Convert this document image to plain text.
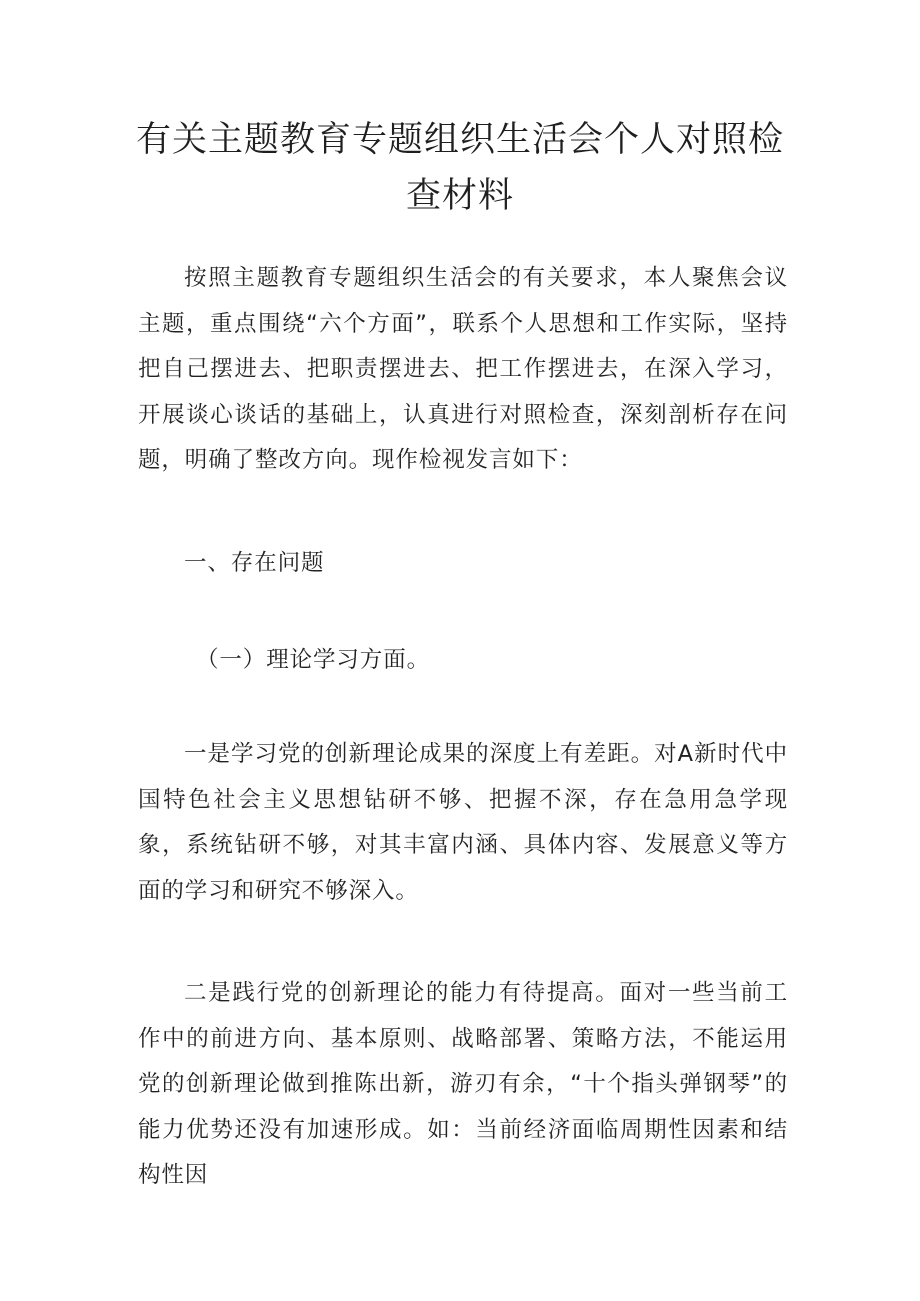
有关主题教育专题组织生活会个人对照检查材料

按照主题教育专题组织生活会的有关要求，本人聚焦会议主题，重点围绕“六个方面”，联系个人思想和工作实际，坚持把自己摆进去、把职责摆进去、把工作摆进去，在深入学习，开展谈心谈话的基础上，认真进行对照检查，深刻剖析存在问题，明确了整改方向。现作检视发言如下：

一、存在问题
（一）理论学习方面。

一是学习党的创新理论成果的深度上有差距。对A新时代中国特色社会主义思想钻研不够、把握不深，存在急用急学现象，系统钻研不够，对其丰富内涵、具体内容、发展意义等方面的学习和研究不够深入。

二是践行党的创新理论的能力有待提高。面对一些当前工作中的前进方向、基本原则、战略部署、策略方法，不能运用党的创新理论做到推陈出新，游刃有余，“十个指头弹钢琴”的能力优势还没有加速形成。如：当前经济面临周期性因素和结构性因
